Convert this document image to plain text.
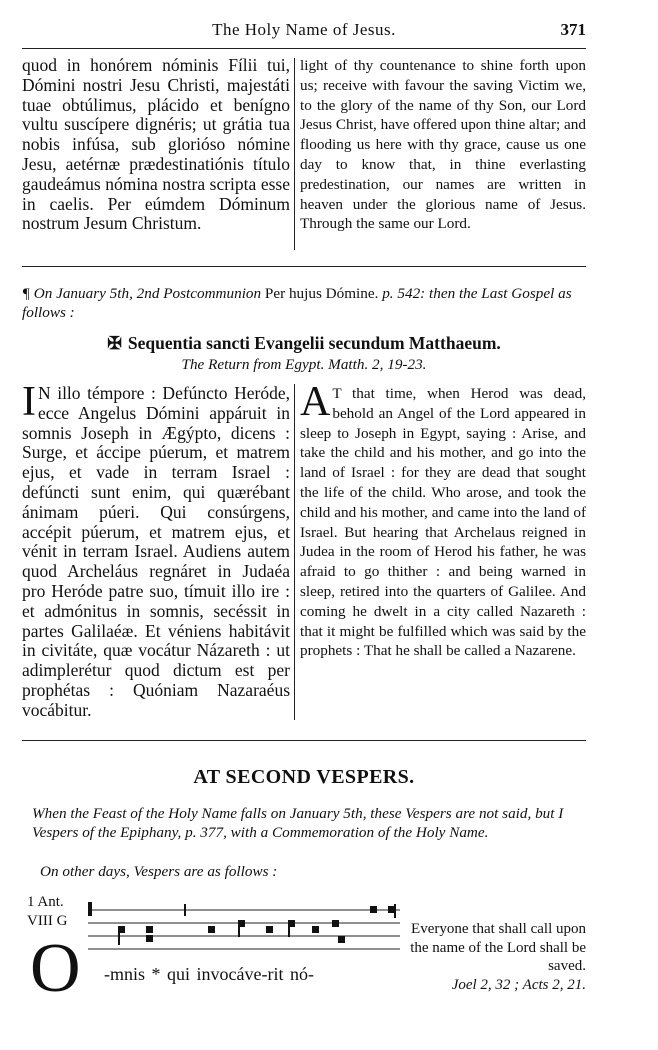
The Holy Name of Jesus.	371

quod in honórem nóminis Fílii tui, Dómini nostri Jesu Christi, majestáti tuae obtúlimus, plácido et benígno vultu suscípere dignéris; ut grátia tua nobis infúsa, sub glorióso nómine Jesu, aetérnæ prædestinatiónis título gaudeámus nómina nostra scripta esse in caelis. Per eúmdem Dóminum nostrum Jesum Christum.

light of thy countenance to shine forth upon us; receive with favour the saving Victim we, to the glory of the name of thy Son, our Lord Jesus Christ, have offered upon thine altar; and flooding us here with thy grace, cause us one day to know that, in thine everlasting predestination, our names are written in heaven under the glorious name of Jesus. Through the same our Lord.

¶ On January 5th, 2nd Postcommunion Per hujus Dómine. p. 542: then the Last Gospel as follows :
✠ Sequentia sancti Evangelii secundum Matthaeum.
The Return from Egypt. Matth. 2, 19-23.
I N illo témpore : Defúncto Heróde, ecce Angelus Dómini appáruit in somnis Joseph in Ægýpto, dicens : Surge, et áccipe púerum, et matrem ejus, et vade in terram Israel : defúncti sunt enim, qui quærébant ánimam púeri. Qui consúrgens, accépit púerum, et matrem ejus, et vénit in terram Israel. Audiens autem quod Archeláus regnáret in Judaéa pro Heróde patre suo, tímuit illo ire : et admónitus in somnis, secéssit in partes Galilaéæ. Et véniens habitávit in civitáte, quæ vocátur Názareth : ut adimplerétur quod dictum est per prophétas : Quóniam Nazaraéus vocábitur.

A T that time, when Herod was dead, behold an Angel of the Lord appeared in sleep to Joseph in Egypt, saying : Arise, and take the child and his mother, and go into the land of Israel : for they are dead that sought the life of the child. Who arose, and took the child and his mother, and came into the land of Israel. But hearing that Archelaus reigned in Judea in the room of Herod his father, he was afraid to go thither : and being warned in sleep, retired into the quarters of Galilee. And coming he dwelt in a city called Nazareth : that it might be fulfilled which was said by the prophets : That he shall be called a Nazarene.

AT SECOND VESPERS.
When the Feast of the Holy Name falls on January 5th, these Vespers are not said, but I Vespers of the Epiphany, p. 377, with a Commemoration of the Holy Name.
On other days, Vespers are as follows :
1 Ant.
VIII G
O -mnis * qui invocáve-rit nó-
Everyone that shall call upon the name of the Lord shall be saved.
Joel 2, 32 ; Acts 2, 21.
